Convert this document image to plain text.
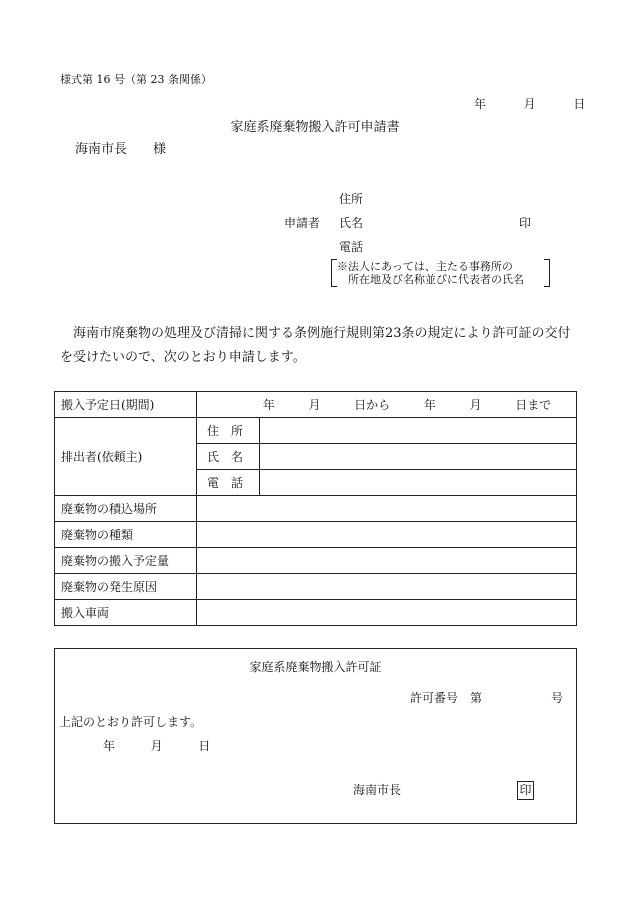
様式第 16 号（第 23 条関係）
年	月	日
家庭系廃棄物搬入許可申請書
海南市長　　様
住所
申請者 氏名	印
電話
※法人にあっては、主たる事務所の
所在地及び名称並びに代表者の氏名
海南市廃棄物の処理及び清掃に関する条例施行規則第23条の規定により許可証の交付を受けたいので、次のとおり申請します。
搬入予定日(期間)	年 月 日から 年 月 日まで	
排出者(依頼主)	住所	
	氏名	
	電話	
廃棄物の積込場所		
廃棄物の種類		
廃棄物の搬入予定量		
廃棄物の発生原因		
搬入車両		
家庭系廃棄物搬入許可証
許可番号　第	号
上記のとおり許可します。
年	月	日
海南市長	印
